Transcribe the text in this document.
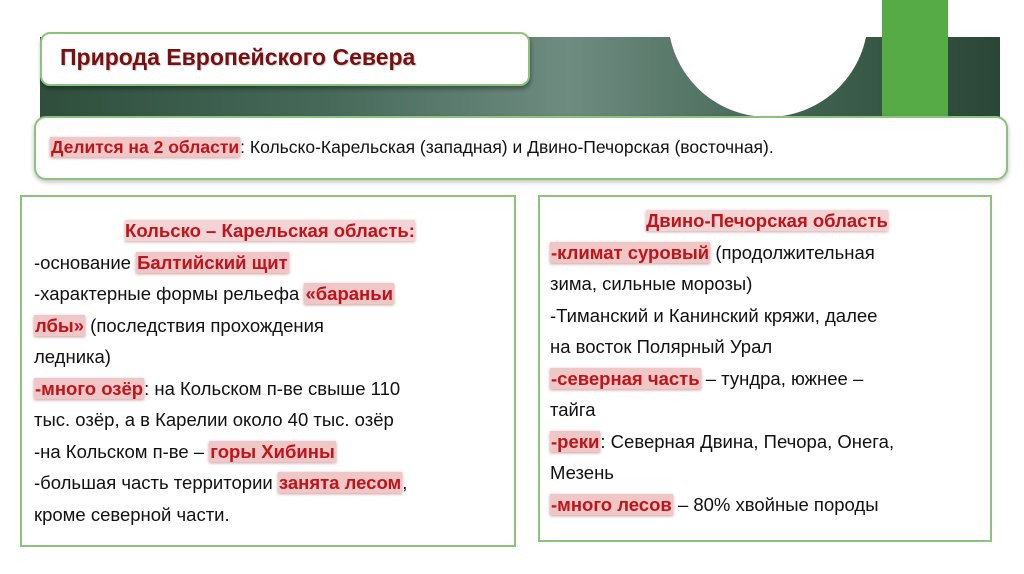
Природа Европейского Севера
Делится на 2 области: Кольско-Карельская (западная) и Двино-Печорская (восточная).
Кольско – Карельская область:
-основание Балтийский щит
-характерные формы рельефа «бараньи
лбы» (последствия прохождения
ледника)
-много озёр: на Кольском п-ве свыше 110
тыс. озёр, а в Карелии около 40 тыс. озёр
-на Кольском п-ве – горы Хибины
-большая часть территории занята лесом,
кроме северной части.
Двино-Печорская область
-климат суровый (продолжительная
зима, сильные морозы)
-Тиманский и Канинский кряжи, далее
на восток Полярный Урал
-северная часть – тундра, южнее –
тайга
-реки: Северная Двина, Печора, Онега,
Мезень
-много лесов – 80% хвойные породы
